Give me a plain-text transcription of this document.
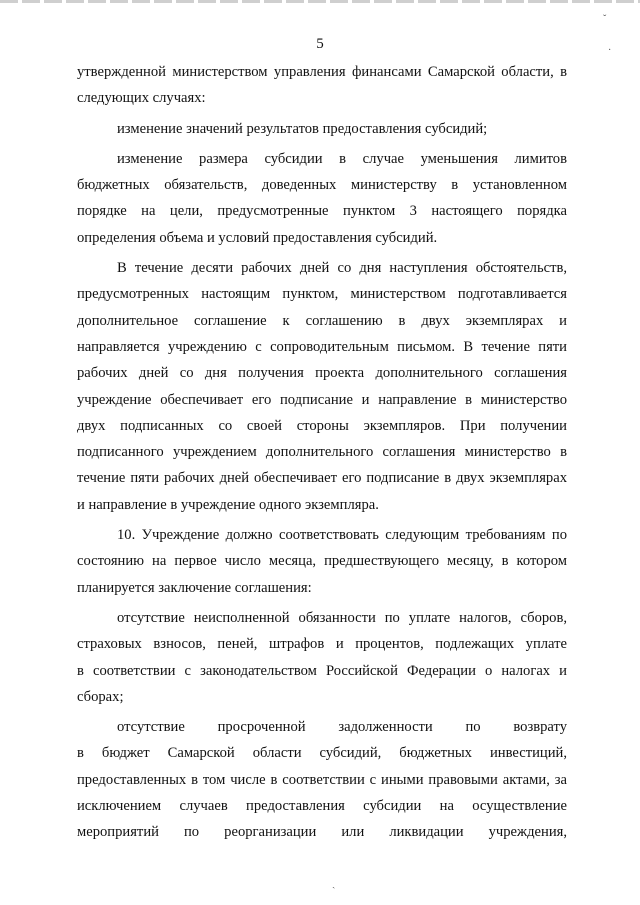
5
утвержденной министерством управления финансами Самарской области, в
следующих случаях:
изменение значений результатов предоставления субсидий;
изменение размера субсидии в случае уменьшения лимитов
бюджетных обязательств, доведенных министерству в установленном
порядке на цели, предусмотренные пунктом 3 настоящего порядка
определения объема и условий предоставления субсидий.
В течение десяти рабочих дней со дня наступления обстоятельств,
предусмотренных настоящим пунктом, министерством подготавливается
дополнительное соглашение к соглашению в двух экземплярах и
направляется учреждению с сопроводительным письмом. В течение пяти
рабочих дней со дня получения проекта дополнительного соглашения
учреждение обеспечивает его подписание и направление в министерство
двух подписанных со своей стороны экземпляров. При получении
подписанного учреждением дополнительного соглашения министерство в
течение пяти рабочих дней обеспечивает его подписание в двух экземплярах
и направление в учреждение одного экземпляра.
10. Учреждение должно соответствовать следующим требованиям по
состоянию на первое число месяца, предшествующего месяцу, в котором
планируется заключение соглашения:
отсутствие неисполненной обязанности по уплате налогов, сборов,
страховых взносов, пеней, штрафов и процентов, подлежащих уплате
в соответствии с законодательством Российской Федерации о налогах и
сборах;
отсутствие просроченной задолженности по возврату
в бюджет Самарской области субсидий, бюджетных инвестиций,
предоставленных в том числе в соответствии с иными правовыми актами, за
исключением случаев предоставления субсидии на осуществление
мероприятий по реорганизации или ликвидации учреждения,
ˇ
·
ˏ
